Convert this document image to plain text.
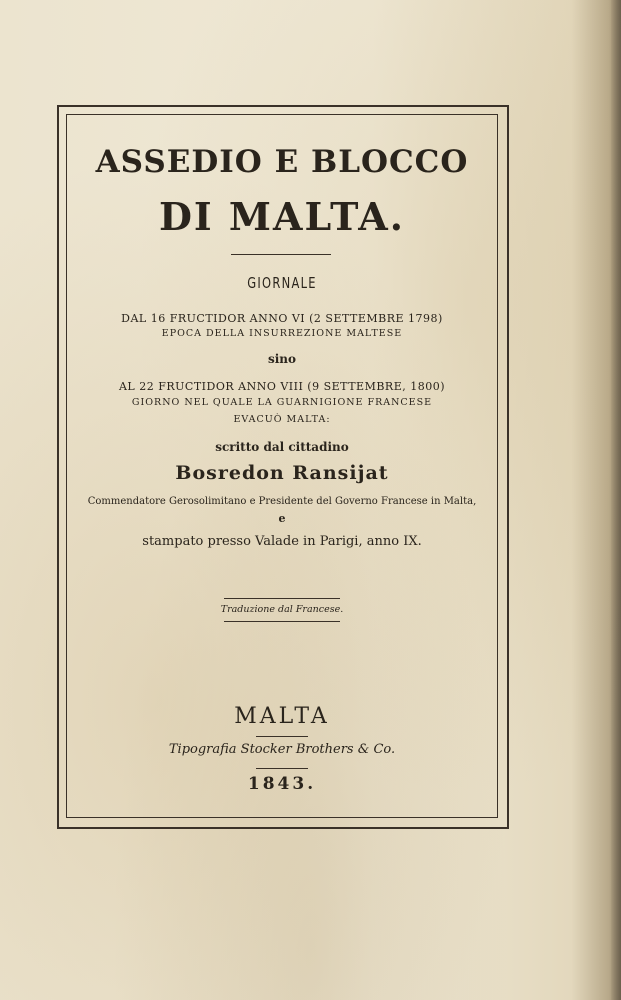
ASSEDIO E BLOCCO

DI MALTA.

GIORNALE

DAL 16 FRUCTIDOR ANNO VI (2 SETTEMBRE 1798)

EPOCA DELLA INSURREZIONE MALTESE

sino

AL 22 FRUCTIDOR ANNO VIII (9 SETTEMBRE, 1800)

GIORNO NEL QUALE LA GUARNIGIONE FRANCESE

EVACUÒ MALTA:

scritto dal cittadino

Bosredon Ransijat

Commendatore Gerosolimitano e Presidente del Governo Francese in Malta,

e

stampato presso Valade in Parigi, anno IX.

Traduzione dal Francese.

MALTA

Tipografia Stocker Brothers & Co.

1843.
